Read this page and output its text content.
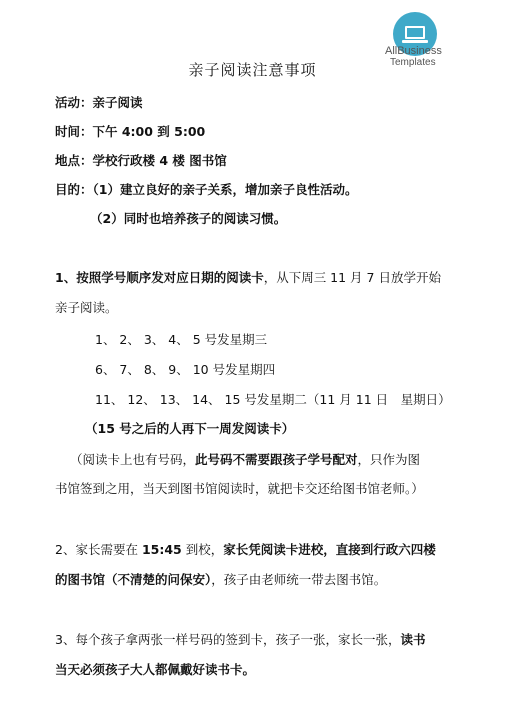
AllBusiness
Templates
亲子阅读注意事项
活动：亲子阅读
时间：下午 4:00 到 5:00
地点：学校行政楼 4 楼 图书馆
目的：（1）建立良好的亲子关系，增加亲子良性活动。
（2）同时也培养孩子的阅读习惯。
1、按照学号顺序发对应日期的阅读卡，从下周三 11 月 7 日放学开始
亲子阅读。
1、 2、 3、 4、 5 号发星期三
6、 7、 8、 9、 10 号发星期四
11、 12、 13、 14、 15 号发星期二（11 月 11 日　星期日）
（15 号之后的人再下一周发阅读卡）
（阅读卡上也有号码，此号码不需要跟孩子学号配对，只作为图
书馆签到之用，当天到图书馆阅读时，就把卡交还给图书馆老师。）
2、家长需要在 15:45 到校，家长凭阅读卡进校，直接到行政六四楼
的图书馆（不清楚的问保安），孩子由老师统一带去图书馆。
3、每个孩子拿两张一样号码的签到卡，孩子一张，家长一张，读书
当天必须孩子大人都佩戴好读书卡。
